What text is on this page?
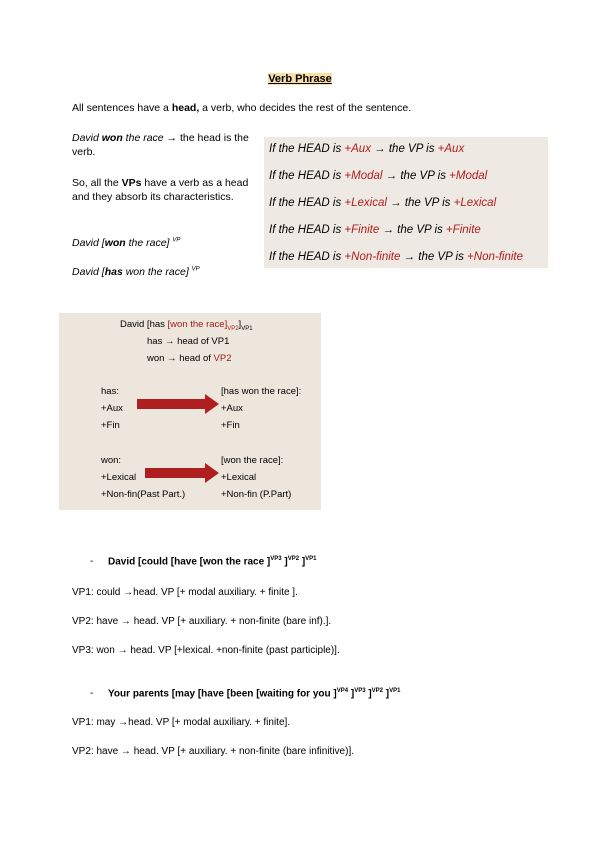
Verb Phrase
All sentences have a head, a verb, who decides the rest of the sentence.
David won the race → the head is the verb.
So, all the VPs have a verb as a head and they absorb its characteristics.
David [won the race] $^{VP}$
David [has won the race] $^{VP}$
If the HEAD is +Aux → the VP is +Aux
If the HEAD is +Modal → the VP is +Modal
If the HEAD is +Lexical → the VP is +Lexical
If the HEAD is +Finite → the VP is +Finite
If the HEAD is +Non-finite → the VP is +Non-finite
David [has [won the $race]_{VP2}]_{VP1}$
has → head of VP1
won → head of VP2
has:
+Aux
+Fin
[has won the race]:
+Aux
+Fin
won:
+Lexical
+Non-fin(Past Part.)
[won the race]:
+Lexical
+Non-fin (P.Part)
- David [could [have [won the race ]$^{VP3}$ ]$^{VP2}$ ]$^{VP1}$
VP1: could →head. VP [+ modal auxiliary. + finite ].
VP2: have → head. VP [+ auxiliary. + non-finite (bare inf).].
VP3: won → head. VP [+lexical. +non-finite (past participle)].
- Your parents [may [have [been [waiting for you ]$^{VP4}$ ]$^{VP3}$ ]$^{VP2}$ ]$^{VP1}$
VP1: may →head. VP [+ modal auxiliary. + finite].
VP2: have → head. VP [+ auxiliary. + non-finite (bare infinitive)].
